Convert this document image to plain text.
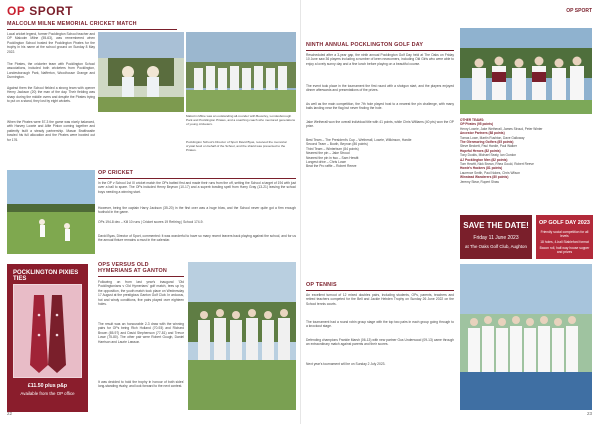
OP SPORT	OP SPORT
MALCOLM MILNE MEMORIAL CRICKET MATCH
Local cricket legend, former Pocklington School teacher and OP Malcolm Milne (55-63), was remembered when Pocklington School hosted the Pocklington Pirates for the trophy in his name at the school ground on Sunday 8 May 2022.
The Pirates, the cricketer team with Pocklington School associations, included both cricketers from Pocklington, Londesborough Park, Nafferton, Woodhouse Grange and Dunnington.
Against them the School fielded a strong team with opener Henry Jackson (20) the man of the day. Their fielding was sharp during the middle overs and despite the Pirates trying to put on a stand, they lost by eight wickets.
When the Pirates were 57-3 the game was nicely balanced, with Harvey Lowrie and Alfie Pinion coming together and patiently built a steady partnership. Mason Braithwaite bowled his full allocation and the Pirates were bowled out for 176.
Malcolm Milne was an outstanding all-rounder with Beverley, Londesborough Park and Pocklington Pirates, and a coaching coach who mentored generations of young cricketers.
Pocklington School's Director of Sport David Byas, received the memorial crystal bowl on behalf of the School, and the shield was presented to the Pirates.
OP CRICKET
In the OP v School 1st XI cricket match the OPs batted first and made their runs from the off, setting the School a target of 194 with just over a ball to spare. The OPs included Henry Beynon (10-17) and a superb bowling spell from Harry Gray (13-21) leaving the school boys needing a winning start.
However, being the captain Harry Jackson (35-20) in the first over was a huge blow, and the School never quite got a firm enough foothold in the game.
OPs 194-8 dec – Kill 10 runs | Cricket scores 19 Retiring | School 174-9.
David Byas, Director of Sport, commented: It was wonderful to have so many recent leavers back playing against the school, and for us the annual fixture remains a must in the calendar.
POCKLINGTON PIXIES TIES
£11.50 plus p&p
Available from the OP office
OPS VERSUS OLD HYMERIANS AT GANTON
Following on from last year's inaugural 'Old Pocklingtonians v Old Hymerians' golf match, tees up by the opposition, the youth match took place on Wednesday 17 August at the prestigious Ganton Golf Club. In arduous, hot and windy conditions, five pairs played over eighteen holes.
The result was an honourable 2-3 draw with the winning pairs for OPs being Rich Holland (70-93) and Richard Brown (85-97) and David Stephenson (77-81) and Trevor Lowe (75-80). The other pair were Robert Gough, Daniel Harrison and Laurie Lawson.
It was decided to hold the trophy in honour of both sides' long-standing rivalry, and look forward to the next contest.
22
NINTH ANNUAL POCKLINGTON GOLF DAY
Rescheduled after a 3-year gap, the ninth annual Pocklington Golf Day held at The Oaks on Friday 10 June saw 36 players including a number of keen newcomers, including Old Girls who were able to enjoy a lovely sunny day and a fine lunch before playing on a beautiful course.
The event took place in the tournament the first round with a shotgun start, and the players enjoyed dinner afterwards and presentations of the prizes.
As well as the main competition, the 7th hole played host to a nearest the pin challenge, with many balls landing near the flag but never finding the hole.
Jake Wetherall won the overall individual title with 41 points, while Chris Williams (40 pts) won the OP prize.
Best Team – The President's Cup – Wetherall, Lowrie, Wilkinson, Hardie
Second Team – Booth, Beynon (86 points)
Third Team – Winterburn (84 points)
Nearest the pin – Jake Stroud
Nearest the pin in two – Sam Hewitt
Longest drive – Chris Lowe
Beat the Pro raffle – Robert Reeve
OTHER TEAMS:
OP Pirates (95 points)
Henry Lowrie, Jake Wetherall, James Stroud, Peter Winter
Ancestor Partners (88 points)
Tomas Lowe, Martin Rushton, Dave Galloway
The Glenmoring Golfers (85 points)
Steve Beckett, Paul Hardie, Paul Walker
Hopeful Heroes (82 points)
Tony Dodds, Michael Seaty, Ian Gordon
AJ Pocklington Men (82 points)
Tom Hewitt, Nick Brown, Rhea Gould, Robert Reeve
Howie's Hackers (81 points)
Laurence Smith, Paul Nokes, Chris Wilson
Winstead Wanderers (80 points)
Jeremy Stear, Rupert Shaw
SAVE THE DATE!
Friday 11 June 2023
at The Oaks Golf Club, Aughton
OP GOLF DAY 2023
Friendly social competition for all levels
18 holes, 4-ball Stableford format
Bacon roll, half-way house supper and prizes
OP TENNIS
An excellent turnout of 12 mixed doubles pairs, including students, OPs, parents, teachers and retired teachers competed for the Bell and Jackie Hebden Trophy on Sunday 26 June 2022 on the School tennis courts.
The tournament had a round robin group stage with the top two pairs in each group going through to a knockout stage.
Defending champions Frankie Marsh (06-13) with new partner Gus Underwood (09-13) came through an extraordinary match against parents and their scores.
Next year's tournament will be on Sunday 2 July 2023.
23
